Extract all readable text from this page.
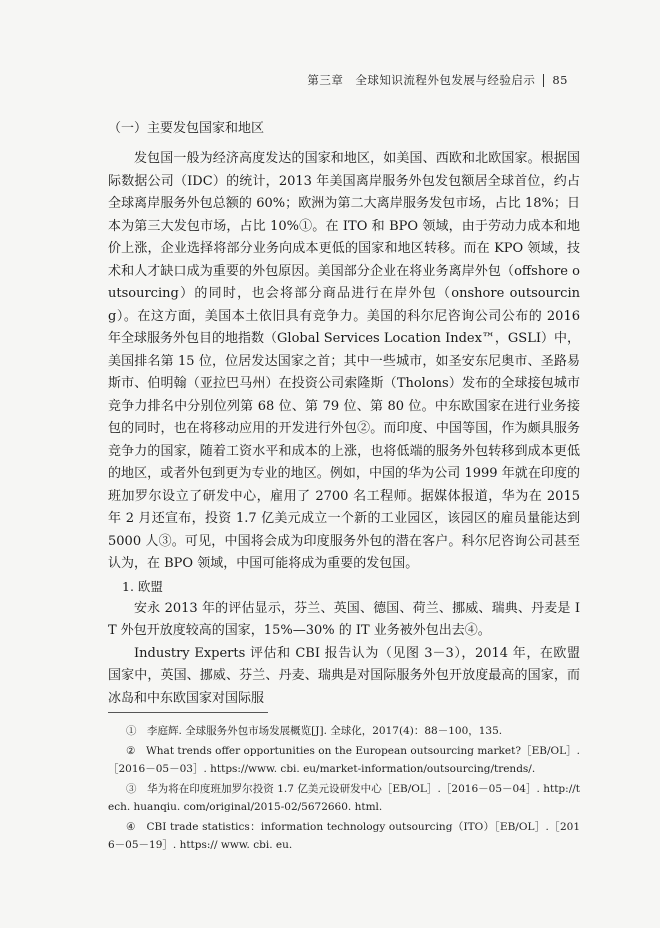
第三章　全球知识流程外包发展与经验启示 85

（一）主要发包国家和地区

发包国一般为经济高度发达的国家和地区，如美国、西欧和北欧国家。根据国际数据公司（IDC）的统计，2013 年美国离岸服务外包发包额居全球首位，约占全球离岸服务外包总额的 60%；欧洲为第二大离岸服务发包市场，占比 18%；日本为第三大发包市场，占比 10%①。在 ITO 和 BPO 领域，由于劳动力成本和地价上涨，企业选择将部分业务向成本更低的国家和地区转移。而在 KPO 领域，技术和人才缺口成为重要的外包原因。美国部分企业在将业务离岸外包（offshore outsourcing）的同时，也会将部分商品进行在岸外包（onshore outsourcing）。在这方面，美国本土依旧具有竞争力。美国的科尔尼咨询公司公布的 2016 年全球服务外包目的地指数（Global Services Location Index™，GSLI）中，美国排名第 15 位，位居发达国家之首；其中一些城市，如圣安东尼奥市、圣路易斯市、伯明翰（亚拉巴马州）在投资公司索隆斯（Tholons）发布的全球接包城市竞争力排名中分别位列第 68 位、第 79 位、第 80 位。中东欧国家在进行业务接包的同时，也在将移动应用的开发进行外包②。而印度、中国等国，作为颇具服务竞争力的国家，随着工资水平和成本的上涨，也将低端的服务外包转移到成本更低的地区，或者外包到更为专业的地区。例如，中国的华为公司 1999 年就在印度的班加罗尔设立了研发中心，雇用了 2700 名工程师。据媒体报道，华为在 2015 年 2 月还宣布，投资 1.7 亿美元成立一个新的工业园区，该园区的雇员量能达到 5000 人③。可见，中国将会成为印度服务外包的潜在客户。科尔尼咨询公司甚至认为，在 BPO 领域，中国可能将成为重要的发包国。

1. 欧盟

安永 2013 年的评估显示，芬兰、英国、德国、荷兰、挪威、瑞典、丹麦是 IT 外包开放度较高的国家，15%—30% 的 IT 业务被外包出去④。

Industry Experts 评估和 CBI 报告认为（见图 3－3），2014 年，在欧盟国家中，英国、挪威、芬兰、丹麦、瑞典是对国际服务外包开放度最高的国家，而冰岛和中东欧国家对国际服

①　李庭辉. 全球服务外包市场发展概览[J]. 全球化，2017(4)：88－100，135.

②　What trends offer opportunities on the European outsourcing market?［EB/OL］.［2016－05－03］. https://www. cbi. eu/market-information/outsourcing/trends/.

③　华为将在印度班加罗尔投资 1.7 亿美元设研发中心［EB/OL］.［2016－05－04］. http://tech. huanqiu. com/original/2015-02/5672660. html.

④　CBI trade statistics：information technology outsourcing（ITO）［EB/OL］.［2016－05－19］. https:// www. cbi. eu.
